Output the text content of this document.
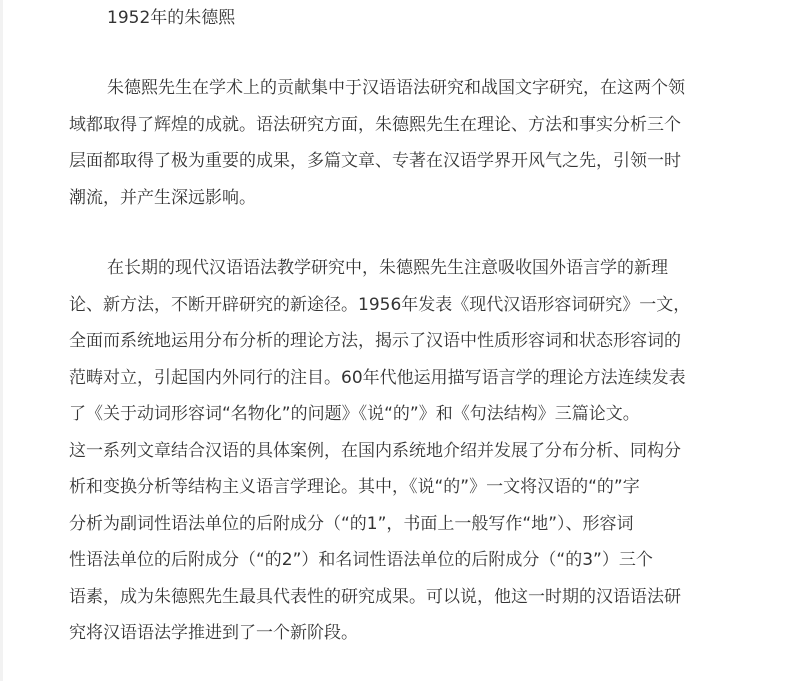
1952年的朱德熙

朱德熙先生在学术上的贡献集中于汉语语法研究和战国文字研究，在这两个领
域都取得了辉煌的成就。语法研究方面，朱德熙先生在理论、方法和事实分析三个
层面都取得了极为重要的成果，多篇文章、专著在汉语学界开风气之先，引领一时
潮流，并产生深远影响。
在长期的现代汉语语法教学研究中，朱德熙先生注意吸收国外语言学的新理
论、新方法，不断开辟研究的新途径。1956年发表《现代汉语形容词研究》一文，
全面而系统地运用分布分析的理论方法，揭示了汉语中性质形容词和状态形容词的
范畴对立，引起国内外同行的注目。60年代他运用描写语言学的理论方法连续发表
了《关于动词形容词“名物化”的问题》《说“的”》和《句法结构》三篇论文。
这一系列文章结合汉语的具体案例，在国内系统地介绍并发展了分布分析、同构分
析和变换分析等结构主义语言学理论。其中，《说“的”》一文将汉语的“的”字
分析为副词性语法单位的后附成分（“的1”，书面上一般写作“地”）、形容词
性语法单位的后附成分（“的2”）和名词性语法单位的后附成分（“的3”）三个
语素，成为朱德熙先生最具代表性的研究成果。可以说，他这一时期的汉语语法研
究将汉语语法学推进到了一个新阶段。
